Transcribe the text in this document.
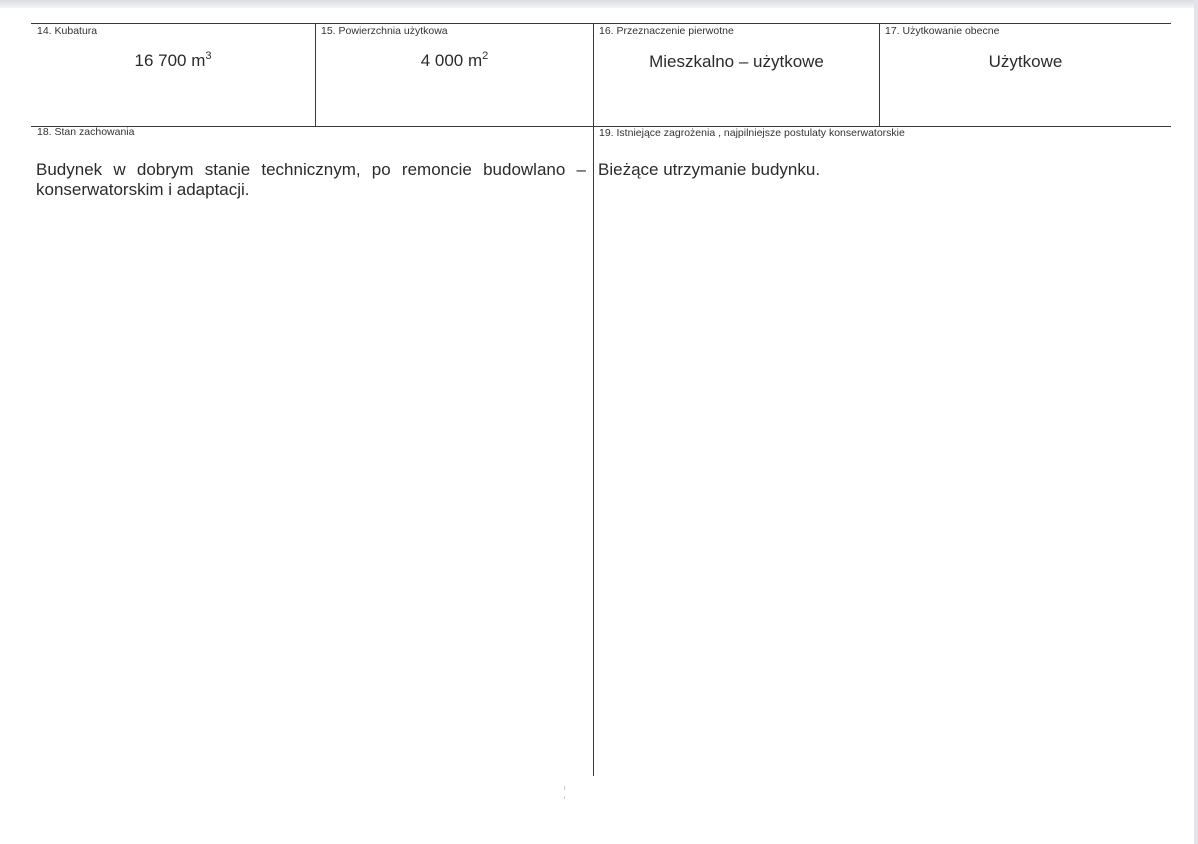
14. Kubatura
16 700 $m^3$
15. Powierzchnia użytkowa
4 000 $m^2$
16. Przeznaczenie pierwotne
Mieszkalno – użytkowe
17. Użytkowanie obecne
Użytkowe
18. Stan zachowania
Budynek w dobrym stanie technicznym, po remoncie budowlano –
konserwatorskim i adaptacji.
19. Istniejące zagrożenia , najpilniejsze postulaty konserwatorskie
Bieżące utrzymanie budynku.
